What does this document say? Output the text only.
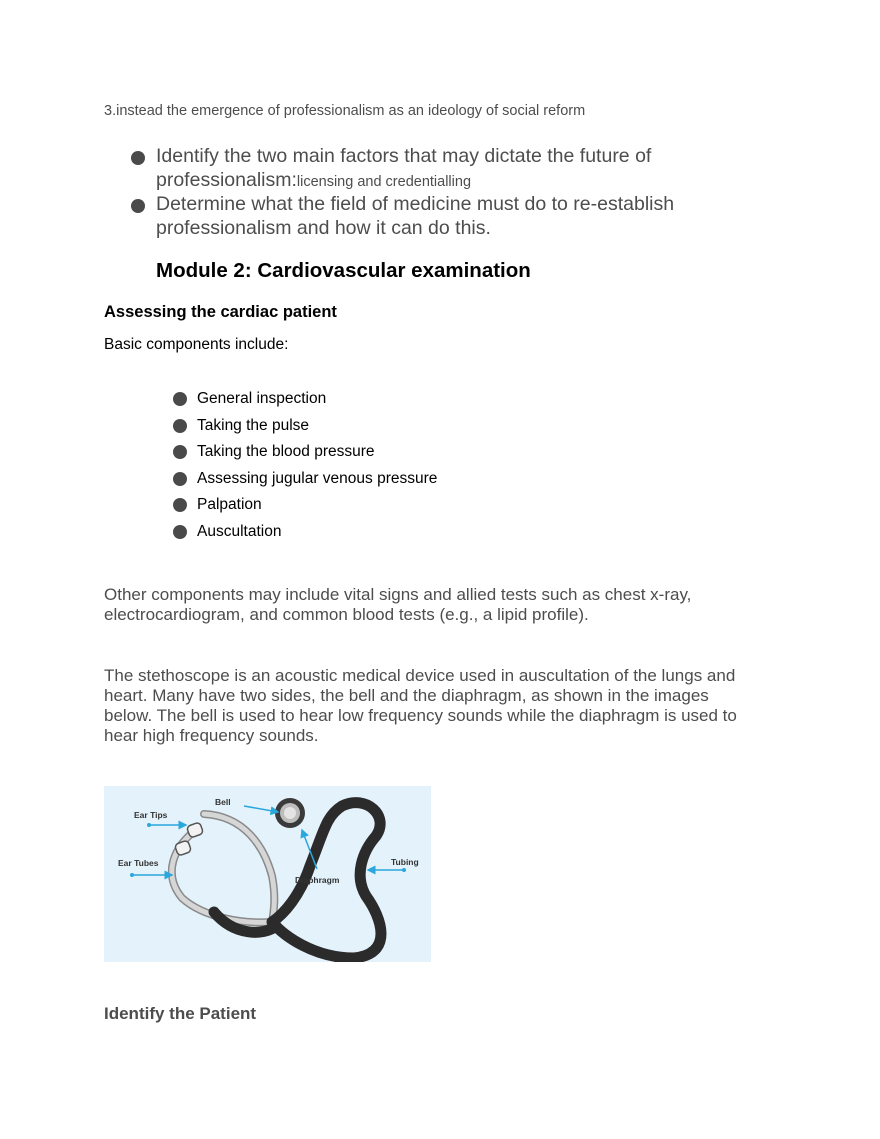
3.instead the emergence of professionalism as an ideology of social reform
Identify the two main factors that may dictate the future of professionalism:licensing and credentialling
Determine what the field of medicine must do to re-establish professionalism and how it can do this.
Module 2: Cardiovascular examination
Assessing the cardiac patient
Basic components include:
General inspection
Taking the pulse
Taking the blood pressure
Assessing jugular venous pressure
Palpation
Auscultation
Other components may include vital signs and allied tests such as chest x-ray, electrocardiogram, and common blood tests (e.g., a lipid profile).
The stethoscope is an acoustic medical device used in auscultation of the lungs and heart. Many have two sides, the bell and the diaphragm, as shown in the images below. The bell is used to hear low frequency sounds while the diaphragm is used to hear high frequency sounds.
Bell
Ear Tips
Ear Tubes
Diaphragm
Tubing
Identify the Patient
